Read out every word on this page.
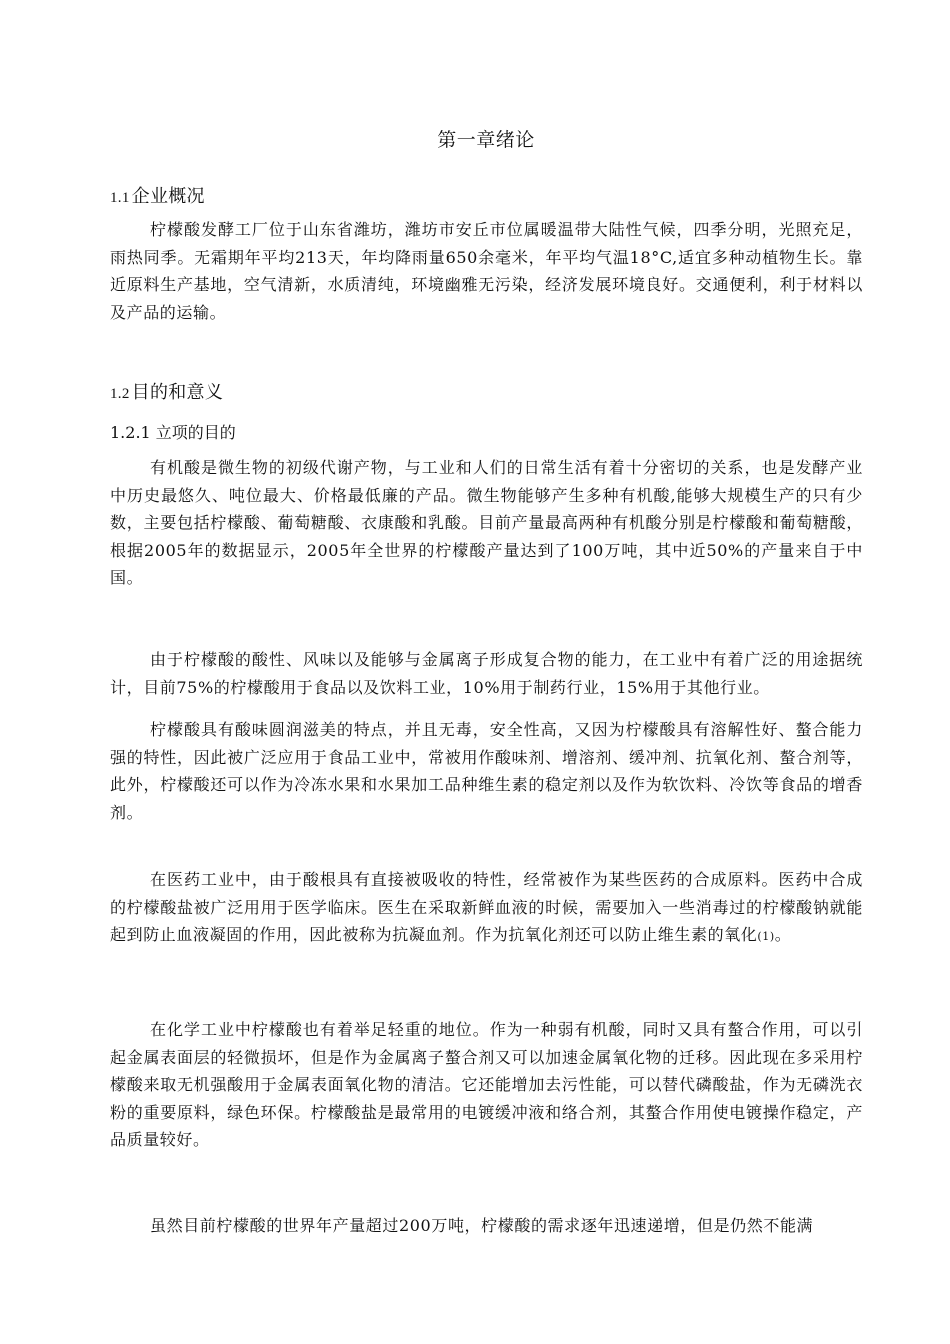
第一章绪论
1.1 企业概况

柠檬酸发酵工厂位于山东省潍坊，潍坊市安丘市位属暖温带大陆性气候，四季分明，光照充足，雨热同季。无霜期年平均213天，年均降雨量650余毫米，年平均气温18°C,适宜多种动植物生长。靠近原料生产基地，空气清新，水质清纯，环境幽雅无污染，经济发展环境良好。交通便利，利于材料以及产品的运输。

1.2 目的和意义
1.2.1 立项的目的

有机酸是微生物的初级代谢产物，与工业和人们的日常生活有着十分密切的关系，也是发酵产业中历史最悠久、吨位最大、价格最低廉的产品。微生物能够产生多种有机酸,能够大规模生产的只有少数，主要包括柠檬酸、葡萄糖酸、衣康酸和乳酸。目前产量最高两种有机酸分别是柠檬酸和葡萄糖酸，根据2005年的数据显示，2005年全世界的柠檬酸产量达到了100万吨，其中近50%的产量来自于中国。

由于柠檬酸的酸性、风味以及能够与金属离子形成复合物的能力，在工业中有着广泛的用途据统计，目前75%的柠檬酸用于食品以及饮料工业，10%用于制药行业，15%用于其他行业。

柠檬酸具有酸味圆润滋美的特点，并且无毒，安全性高，又因为柠檬酸具有溶解性好、螯合能力强的特性，因此被广泛应用于食品工业中，常被用作酸味剂、增溶剂、缓冲剂、抗氧化剂、螯合剂等，此外，柠檬酸还可以作为冷冻水果和水果加工品种维生素的稳定剂以及作为软饮料、冷饮等食品的增香剂。

在医药工业中，由于酸根具有直接被吸收的特性，经常被作为某些医药的合成原料。医药中合成的柠檬酸盐被广泛用用于医学临床。医生在采取新鲜血液的时候，需要加入一些消毒过的柠檬酸钠就能起到防止血液凝固的作用，因此被称为抗凝血剂。作为抗氧化剂还可以防止维生素的氧化(1)。

在化学工业中柠檬酸也有着举足轻重的地位。作为一种弱有机酸，同时又具有螯合作用，可以引起金属表面层的轻微损坏，但是作为金属离子螯合剂又可以加速金属氧化物的迁移。因此现在多采用柠檬酸来取无机强酸用于金属表面氧化物的清洁。它还能增加去污性能，可以替代磷酸盐，作为无磷洗衣粉的重要原料，绿色环保。柠檬酸盐是最常用的电镀缓冲液和络合剂，其螯合作用使电镀操作稳定，产品质量较好。

虽然目前柠檬酸的世界年产量超过200万吨，柠檬酸的需求逐年迅速递增，但是仍然不能满
